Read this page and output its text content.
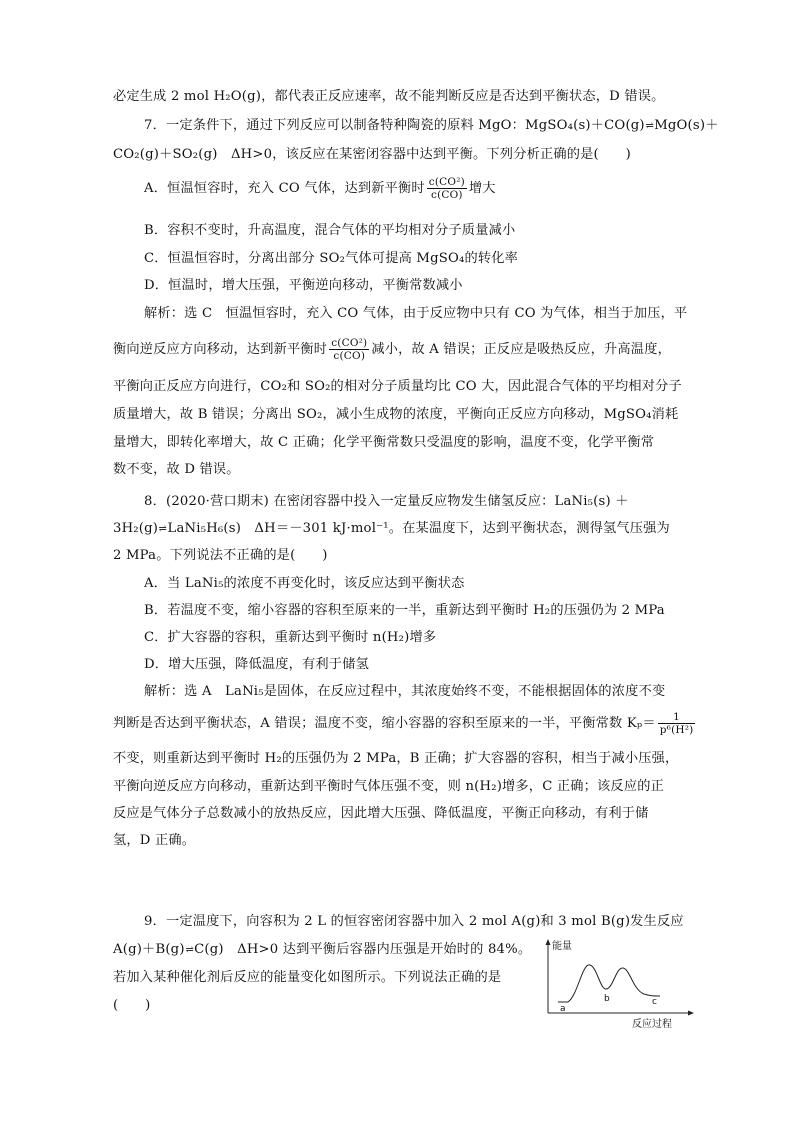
必定生成 2 mol H₂O(g)，都代表正反应速率，故不能判断反应是否达到平衡状态，D 错误。
7．一定条件下，通过下列反应可以制备特种陶瓷的原料 MgO：MgSO₄(s)＋CO(g)⇌MgO(s)＋
CO₂(g)＋SO₂(g)　ΔH>0，该反应在某密闭容器中达到平衡。下列分析正确的是(　　)
A．恒温恒容时，充入 CO 气体，达到新平衡时 $\frac{\text{c(CO²)}}{c(CO)}$ 增大
B．容积不变时，升高温度，混合气体的平均相对分子质量减小
C．恒温恒容时，分离出部分 SO₂气体可提高 MgSO₄的转化率
D．恒温时，增大压强，平衡逆向移动，平衡常数减小
解析：选 C　恒温恒容时，充入 CO 气体，由于反应物中只有 CO 为气体，相当于加压，平
衡向逆反应方向移动，达到新平衡时 $\frac{\text{c(CO²)}}{c(CO)}$ 减小，故 A 错误；正反应是吸热反应，升高温度，
平衡向正反应方向进行，CO₂和 SO₂的相对分子质量均比 CO 大，因此混合气体的平均相对分子
质量增大，故 B 错误；分离出 SO₂，减小生成物的浓度，平衡向正反应方向移动，MgSO₄消耗
量增大，即转化率增大，故 C 正确；化学平衡常数只受温度的影响，温度不变，化学平衡常
数不变，故 D 错误。
8．(2020·营口期末) 在密闭容器中投入一定量反应物发生储氢反应：LaNi₅(s) ＋
3H₂(g)⇌LaNi₅H₆(s)　ΔH＝－301 kJ·mol⁻¹。在某温度下，达到平衡状态，测得氢气压强为
2 MPa。下列说法不正确的是(　　)
A．当 LaNi₅的浓度不再变化时，该反应达到平衡状态
B．若温度不变，缩小容器的容积至原来的一半，重新达到平衡时 H₂的压强仍为 2 MPa
C．扩大容器的容积，重新达到平衡时 n(H₂)增多
D．增大压强，降低温度，有利于储氢
解析：选 A　LaNi₅是固体，在反应过程中，其浓度始终不变，不能根据固体的浓度不变
判断是否达到平衡状态，A 错误；温度不变，缩小容器的容积至原来的一半，平衡常数 $K_p= \frac{1}{\text{p⁶(H²)}}$
不变，则重新达到平衡时 H₂的压强仍为 2 MPa，B 正确；扩大容器的容积，相当于减小压强，
平衡向逆反应方向移动，重新达到平衡时气体压强不变，则 n(H₂)增多，C 正确；该反应的正
反应是气体分子总数减小的放热反应，因此增大压强、降低温度，平衡正向移动，有利于储
氢，D 正确。
9．一定温度下，向容积为 2 L 的恒容密闭容器中加入 2 mol A(g)和 3 mol B(g)发生反应
A(g)＋B(g)⇌C(g)　ΔH>0 达到平衡后容器内压强是开始时的 84%。
若加入某种催化剂后反应的能量变化如图所示。下列说法正确的是
(　　)
能量
a
b	c
反应过程
